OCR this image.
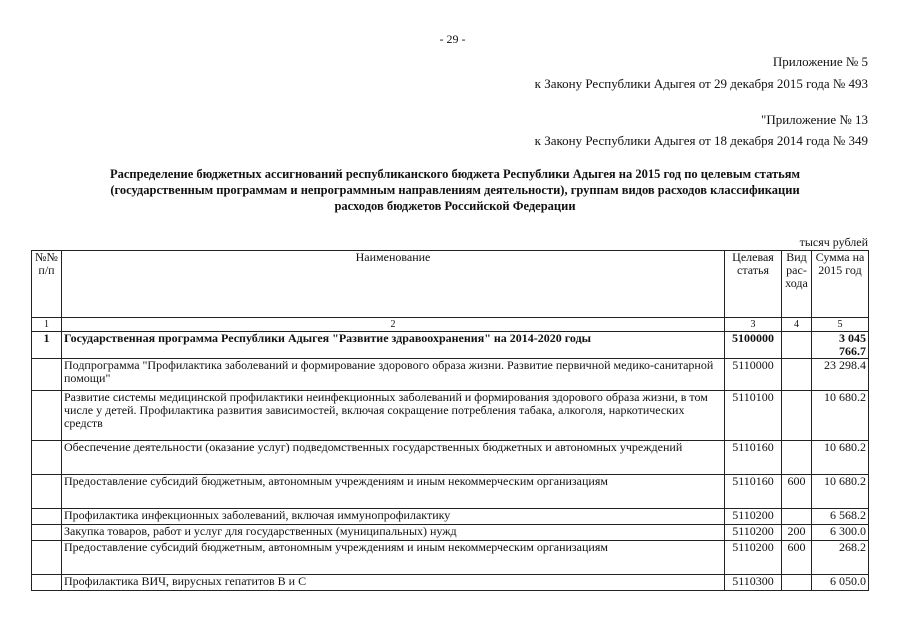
- 29 -
Приложение № 5
к Закону Республики Адыгея от 29 декабря 2015 года № 493
"Приложение № 13
к Закону Республики Адыгея от 18 декабря 2014 года № 349
Распределение бюджетных ассигнований республиканского бюджета Республики Адыгея на 2015 год по целевым статьям
(государственным программам и непрограммным направлениям деятельности), группам видов расходов классификации
расходов бюджетов Российской Федерации
тысяч рублей
№№ п/п	Наименование	Целевая статья	Вид рас-хода	Сумма на 2015 год
1	2	3	4	5
1	Государственная программа Республики Адыгея "Развитие здравоохранения" на 2014-2020 годы	5100000		3 045 766.7
	Подпрограмма "Профилактика заболеваний и формирование здорового образа жизни. Развитие первичной медико-санитарной помощи"	5110000		23 298.4
	Развитие системы медицинской профилактики неинфекционных заболеваний и формирования здорового образа жизни, в том числе у детей. Профилактика развития зависимостей, включая сокращение потребления табака, алкоголя, наркотических средств	5110100		10 680.2
	Обеспечение деятельности (оказание услуг) подведомственных государственных бюджетных и автономных учреждений	5110160		10 680.2
	Предоставление субсидий бюджетным, автономным учреждениям и иным некоммерческим организациям	5110160	600	10 680.2
	Профилактика инфекционных заболеваний, включая иммунопрофилактику	5110200		6 568.2
	Закупка товаров, работ и услуг для государственных (муниципальных) нужд	5110200	200	6 300.0
	Предоставление субсидий бюджетным, автономным учреждениям и иным некоммерческим организациям	5110200	600	268.2
	Профилактика ВИЧ, вирусных гепатитов В и С	5110300		6 050.0
